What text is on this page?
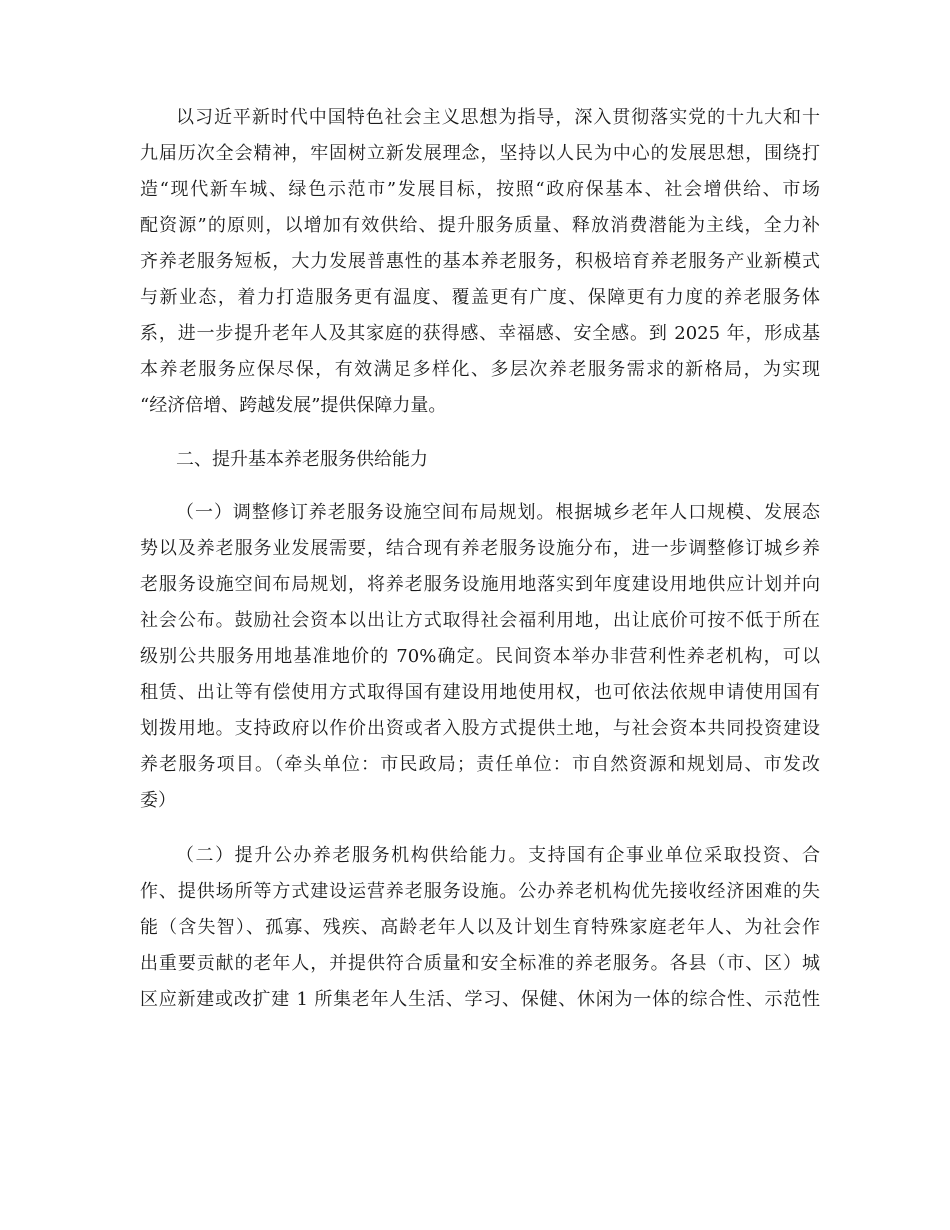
以习近平新时代中国特色社会主义思想为指导，深入贯彻落实党的十九大和十
九届历次全会精神，牢固树立新发展理念，坚持以人民为中心的发展思想，围绕打
造“现代新车城、绿色示范市”发展目标，按照“政府保基本、社会增供给、市场
配资源”的原则，以增加有效供给、提升服务质量、释放消费潜能为主线，全力补
齐养老服务短板，大力发展普惠性的基本养老服务，积极培育养老服务产业新模式
与新业态，着力打造服务更有温度、覆盖更有广度、保障更有力度的养老服务体
系，进一步提升老年人及其家庭的获得感、幸福感、安全感。到 2025 年，形成基
本养老服务应保尽保，有效满足多样化、多层次养老服务需求的新格局，为实现
“经济倍增、跨越发展”提供保障力量。
二、提升基本养老服务供给能力
（一）调整修订养老服务设施空间布局规划。根据城乡老年人口规模、发展态
势以及养老服务业发展需要，结合现有养老服务设施分布，进一步调整修订城乡养
老服务设施空间布局规划，将养老服务设施用地落实到年度建设用地供应计划并向
社会公布。鼓励社会资本以出让方式取得社会福利用地，出让底价可按不低于所在
级别公共服务用地基准地价的 70%确定。民间资本举办非营利性养老机构，可以
租赁、出让等有偿使用方式取得国有建设用地使用权，也可依法依规申请使用国有
划拨用地。支持政府以作价出资或者入股方式提供土地，与社会资本共同投资建设
养老服务项目。（牵头单位：市民政局；责任单位：市自然资源和规划局、市发改
委）
（二）提升公办养老服务机构供给能力。支持国有企事业单位采取投资、合
作、提供场所等方式建设运营养老服务设施。公办养老机构优先接收经济困难的失
能（含失智）、孤寡、残疾、高龄老年人以及计划生育特殊家庭老年人、为社会作
出重要贡献的老年人，并提供符合质量和安全标准的养老服务。各县（市、区）城
区应新建或改扩建 1 所集老年人生活、学习、保健、休闲为一体的综合性、示范性
